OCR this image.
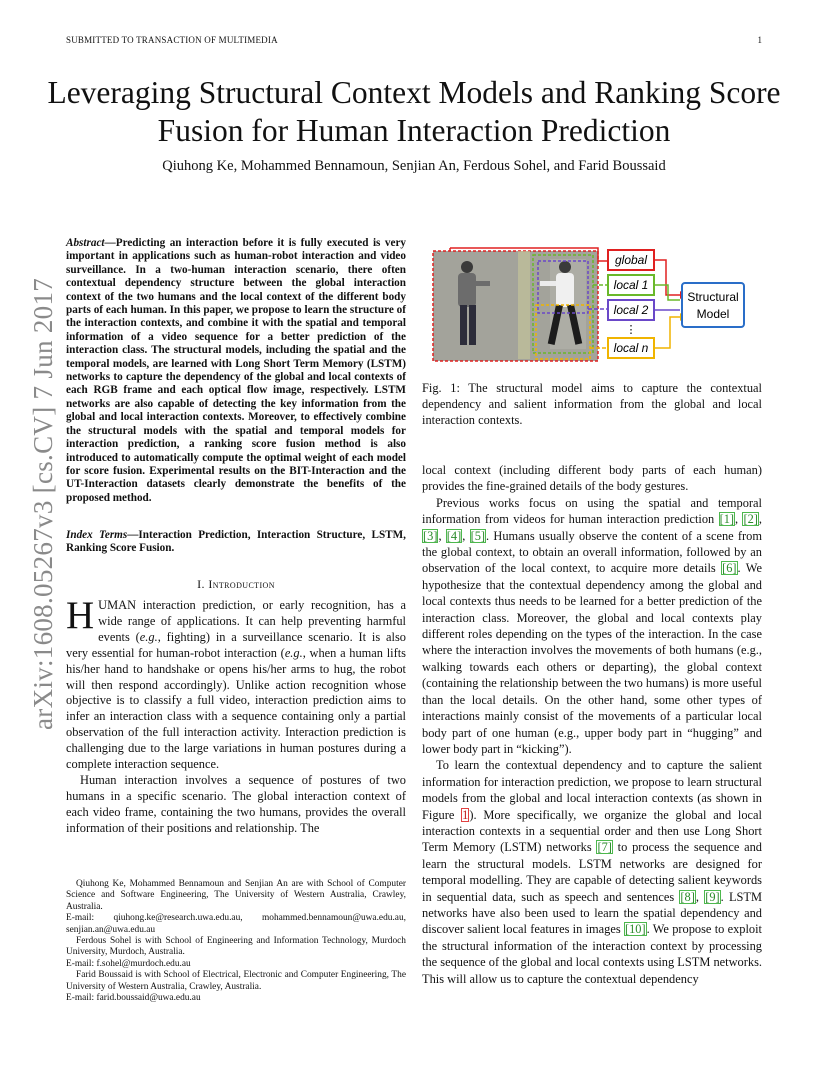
SUBMITTED TO TRANSACTION OF MULTIMEDIA	1
Leveraging Structural Context Models and Ranking Score Fusion for Human Interaction Prediction
Qiuhong Ke, Mohammed Bennamoun, Senjian An, Ferdous Sohel, and Farid Boussaid
arXiv:1608.05267v3 [cs.CV] 7 Jun 2017
Abstract—Predicting an interaction before it is fully executed is very important in applications such as human-robot interaction and video surveillance. In a two-human interaction scenario, there often contextual dependency structure between the global interaction context of the two humans and the local context of the different body parts of each human. In this paper, we propose to learn the structure of the interaction contexts, and combine it with the spatial and temporal information of a video sequence for a better prediction of the interaction class. The structural models, including the spatial and the temporal models, are learned with Long Short Term Memory (LSTM) networks to capture the dependency of the global and local contexts of each RGB frame and each optical flow image, respectively. LSTM networks are also capable of detecting the key information from the global and local interaction contexts. Moreover, to effectively combine the structural models with the spatial and temporal models for interaction prediction, a ranking score fusion method is also introduced to automatically compute the optimal weight of each model for score fusion. Experimental results on the BIT-Interaction and the UT-Interaction datasets clearly demonstrate the benefits of the proposed method.
Index Terms—Interaction Prediction, Interaction Structure, LSTM, Ranking Score Fusion.
I. Introduction

HUMAN interaction prediction, or early recognition, has a wide range of applications. It can help preventing harmful events (e.g., fighting) in a surveillance scenario. It is also very essential for human-robot interaction (e.g., when a human lifts his/her hand to handshake or opens his/her arms to hug, the robot will then respond accordingly). Unlike action recognition whose objective is to classify a full video, interaction prediction aims to infer an interaction class with a sequence containing only a partial observation of the full interaction activity. Interaction prediction is challenging due to the large variations in human postures during a complete interaction sequence.

Human interaction involves a sequence of postures of two humans in a specific scenario. The global interaction context of each video frame, containing the two humans, provides the overall information of their positions and relationship. The

Qiuhong Ke, Mohammed Bennamoun and Senjian An are with School of Computer Science and Software Engineering, The University of Western Australia, Crawley, Australia.

E-mail: qiuhong.ke@research.uwa.edu.au, mohammed.bennamoun@uwa.edu.au, senjian.an@uwa.edu.au

Ferdous Sohel is with School of Engineering and Information Technology, Murdoch University, Murdoch, Australia.

E-mail: f.sohel@murdoch.edu.au

Farid Boussaid is with School of Electrical, Electronic and Computer Engineering, The University of Western Australia, Crawley, Australia.

E-mail: farid.boussaid@uwa.edu.au

global
local 1
local 2
⋮
local n
Structural
Model
Fig. 1: The structural model aims to capture the contextual dependency and salient information from the global and local interaction contexts.

local context (including different body parts of each human) provides the fine-grained details of the body gestures.

Previous works focus on using the spatial and temporal information from videos for human interaction prediction [1], [2], [3], [4], [5]. Humans usually observe the content of a scene from the global context, to obtain an overall information, followed by an observation of the local context, to acquire more details [6]. We hypothesize that the contextual dependency among the global and local contexts thus needs to be learned for a better prediction of the interaction class. Moreover, the global and local contexts play different roles depending on the types of the interaction. In the case where the interaction involves the movements of both humans (e.g., walking towards each others or departing), the global context (containing the relationship between the two humans) is more useful than the local details. On the other hand, some other types of interactions mainly consist of the movements of a particular local body part of one human (e.g., upper body part in “hugging” and lower body part in “kicking”).

To learn the contextual dependency and to capture the salient information for interaction prediction, we propose to learn structural models from the global and local interaction contexts (as shown in Figure 1). More specifically, we organize the global and local interaction contexts in a sequential order and then use Long Short Term Memory (LSTM) networks [7] to process the sequence and learn the structural models. LSTM networks are designed for temporal modelling. They are capable of detecting salient keywords in sequential data, such as speech and sentences [8], [9]. LSTM networks have also been used to learn the spatial dependency and discover salient local features in images [10]. We propose to exploit the structural information of the interaction context by processing the sequence of the global and local contexts using LSTM networks. This will allow us to capture the contextual dependency
